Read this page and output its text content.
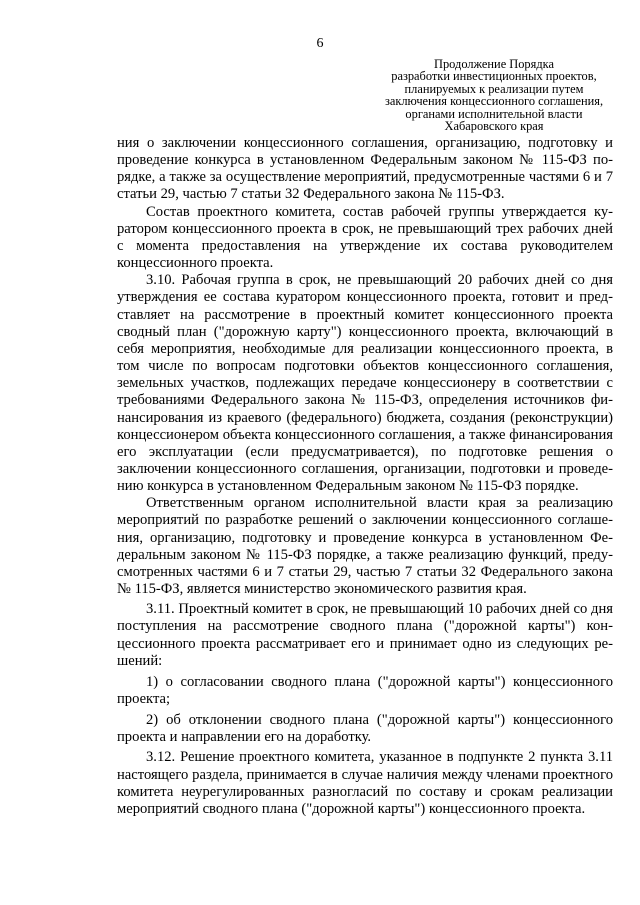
6
Продолжение Порядка
разработки инвестиционных проектов,
планируемых к реализации путем
заключения концессионного соглашения,
органами исполнительной власти
Хабаровского края

ния о заключении концессионного соглашения, организацию, подготовку и проведение конкурса в установленном Федеральным законом № 115-ФЗ порядке, а также за осуществление мероприятий, предусмотренные частями 6 и 7 статьи 29, частью 7 статьи 32 Федерального закона № 115-ФЗ.

Состав проектного комитета, состав рабочей группы утверждается куратором концессионного проекта в срок, не превышающий трех рабочих дней с момента предоставления на утверждение их состава руководителем концессионного проекта.

3.10. Рабочая группа в срок, не превышающий 20 рабочих дней со дня утверждения ее состава куратором концессионного проекта, готовит и представляет на рассмотрение в проектный комитет концессионного проекта сводный план ("дорожную карту") концессионного проекта, включающий в себя мероприятия, необходимые для реализации концессионного проекта, в том числе по вопросам подготовки объектов концессионного соглашения, земельных участков, подлежащих передаче концессионеру в соответствии с требованиями Федерального закона № 115-ФЗ, определения источников финансирования из краевого (федерального) бюджета, создания (реконструкции) концессионером объекта концессионного соглашения, а также финансирования его эксплуатации (если предусматривается), по подготовке решения о заключении концессионного соглашения, организации, подготовки и проведению конкурса в установленном Федеральным законом № 115-ФЗ порядке.

Ответственным органом исполнительной власти края за реализацию мероприятий по разработке решений о заключении концессионного соглашения, организацию, подготовку и проведение конкурса в установленном Федеральным законом № 115-ФЗ порядке, а также реализацию функций, предусмотренных частями 6 и 7 статьи 29, частью 7 статьи 32 Федерального закона № 115-ФЗ, является министерство экономического развития края.

3.11. Проектный комитет в срок, не превышающий 10 рабочих дней со дня поступления на рассмотрение сводного плана ("дорожной карты") концессионного проекта рассматривает его и принимает одно из следующих решений:

1) о согласовании сводного плана ("дорожной карты") концессионного проекта;

2) об отклонении сводного плана ("дорожной карты") концессионного проекта и направлении его на доработку.

3.12. Решение проектного комитета, указанное в подпункте 2 пункта 3.11 настоящего раздела, принимается в случае наличия между членами проектного комитета неурегулированных разногласий по составу и срокам реализации мероприятий сводного плана ("дорожной карты") концессионного проекта.
